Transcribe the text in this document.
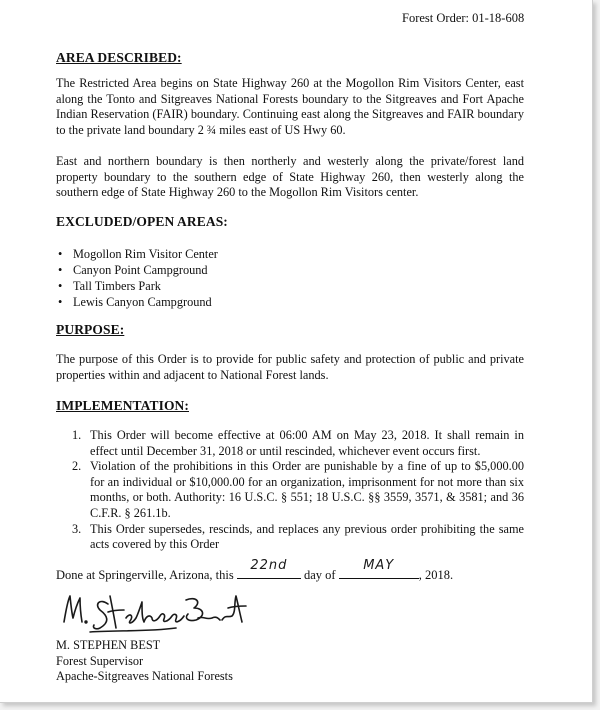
Forest Order: 01-18-608
AREA DESCRIBED:
The Restricted Area begins on State Highway 260 at the Mogollon Rim Visitors Center, east along the Tonto and Sitgreaves National Forests boundary to the Sitgreaves and Fort Apache Indian Reservation (FAIR) boundary. Continuing east along the Sitgreaves and FAIR boundary to the private land boundary 2 ¾ miles east of US Hwy 60.
East and northern boundary is then northerly and westerly along the private/forest land property boundary to the southern edge of State Highway 260, then westerly along the southern edge of State Highway 260 to the Mogollon Rim Visitors center.
EXCLUDED/OPEN AREAS:
• Mogollon Rim Visitor Center
• Canyon Point Campground
• Tall Timbers Park
• Lewis Canyon Campground
PURPOSE:
The purpose of this Order is to provide for public safety and protection of public and private properties within and adjacent to National Forest lands.
IMPLEMENTATION:
1. This Order will become effective at 06:00 AM on May 23, 2018. It shall remain in effect until December 31, 2018 or until rescinded, whichever event occurs first.
2. Violation of the prohibitions in this Order are punishable by a fine of up to $5,000.00 for an individual or $10,000.00 for an organization, imprisonment for not more than six months, or both. Authority: 16 U.S.C. § 551; 18 U.S.C. §§ 3559, 3571, & 3581; and 36 C.F.R. § 261.1b.
3. This Order supersedes, rescinds, and replaces any previous order prohibiting the same acts covered by this Order
Done at Springerville, Arizona, this
22nd
day of
MAY
, 2018.
M. STEPHEN BEST
Forest Supervisor
Apache-Sitgreaves National Forests
